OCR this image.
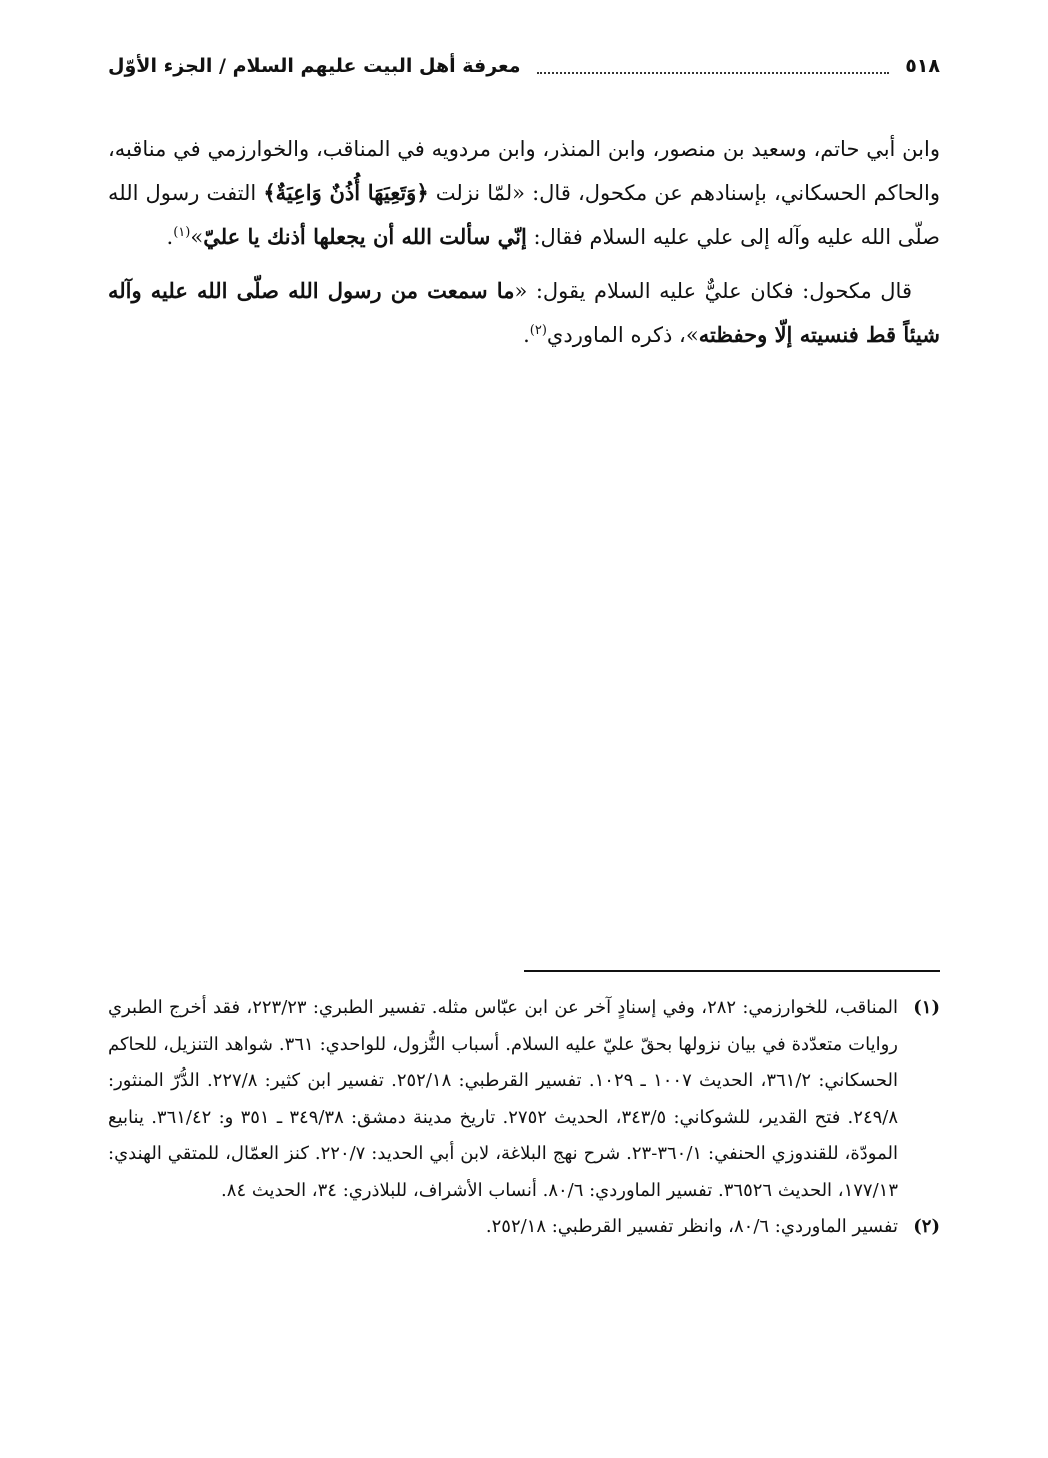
٥١٨
معرفة أهل البيت عليهم السلام / الجزء الأوّل

وابن أبي حاتم، وسعيد بن منصور، وابن المنذر، وابن مردويه في المناقب، والخوارزمي في مناقبه، والحاكم الحسكاني، بإسنادهم عن مكحول، قال: «لمّا نزلت ﴿وَتَعِيَهَا أُذُنٌ وَاعِيَةٌ﴾ التفت رسول الله صلّى الله عليه وآله إلى علي عليه السلام فقال: إنّي سألت الله أن يجعلها أذنك يا عليّ»$^{(١)}$.

قال مكحول: فكان عليٌّ عليه السلام يقول: «ما سمعت من رسول الله صلّى الله عليه وآله شيئاً قط فنسيته إلّا وحفظته»، ذكره الماوردي$^{(٢)}$.

(١)
المناقب، للخوارزمي: ٢٨٢، وفي إسنادٍ آخر عن ابن عبّاس مثله. تفسير الطبري: ٢٢٣/٢٣، فقد أخرج الطبري روايات متعدّدة في بيان نزولها بحقّ عليّ عليه السلام. أسباب النُّزول، للواحدي: ٣٦١. شواهد التنزيل، للحاكم الحسكاني: ٣٦١/٢، الحديث ١٠٠٧ ـ ١٠٢٩. تفسير القرطبي: ٢٥٢/١٨. تفسير ابن كثير: ٢٢٧/٨. الدُّرّ المنثور: ٢٤٩/٨. فتح القدير، للشوكاني: ٣٤٣/٥، الحديث ٢٧٥٢. تاريخ مدينة دمشق: ٣٤٩/٣٨ ـ ٣٥١ و: ٣٦١/٤٢. ينابيع المودّة، للقندوزي الحنفي: ٣٦٠/١-٢٣. شرح نهج البلاغة، لابن أبي الحديد: ٢٢٠/٧. كنز العمّال، للمتقي الهندي: ١٧٧/١٣، الحديث ٣٦٥٢٦. تفسير الماوردي: ٨٠/٦. أنساب الأشراف، للبلاذري: ٣٤، الحديث ٨٤.
(٢)
تفسير الماوردي: ٨٠/٦، وانظر تفسير القرطبي: ٢٥٢/١٨.
